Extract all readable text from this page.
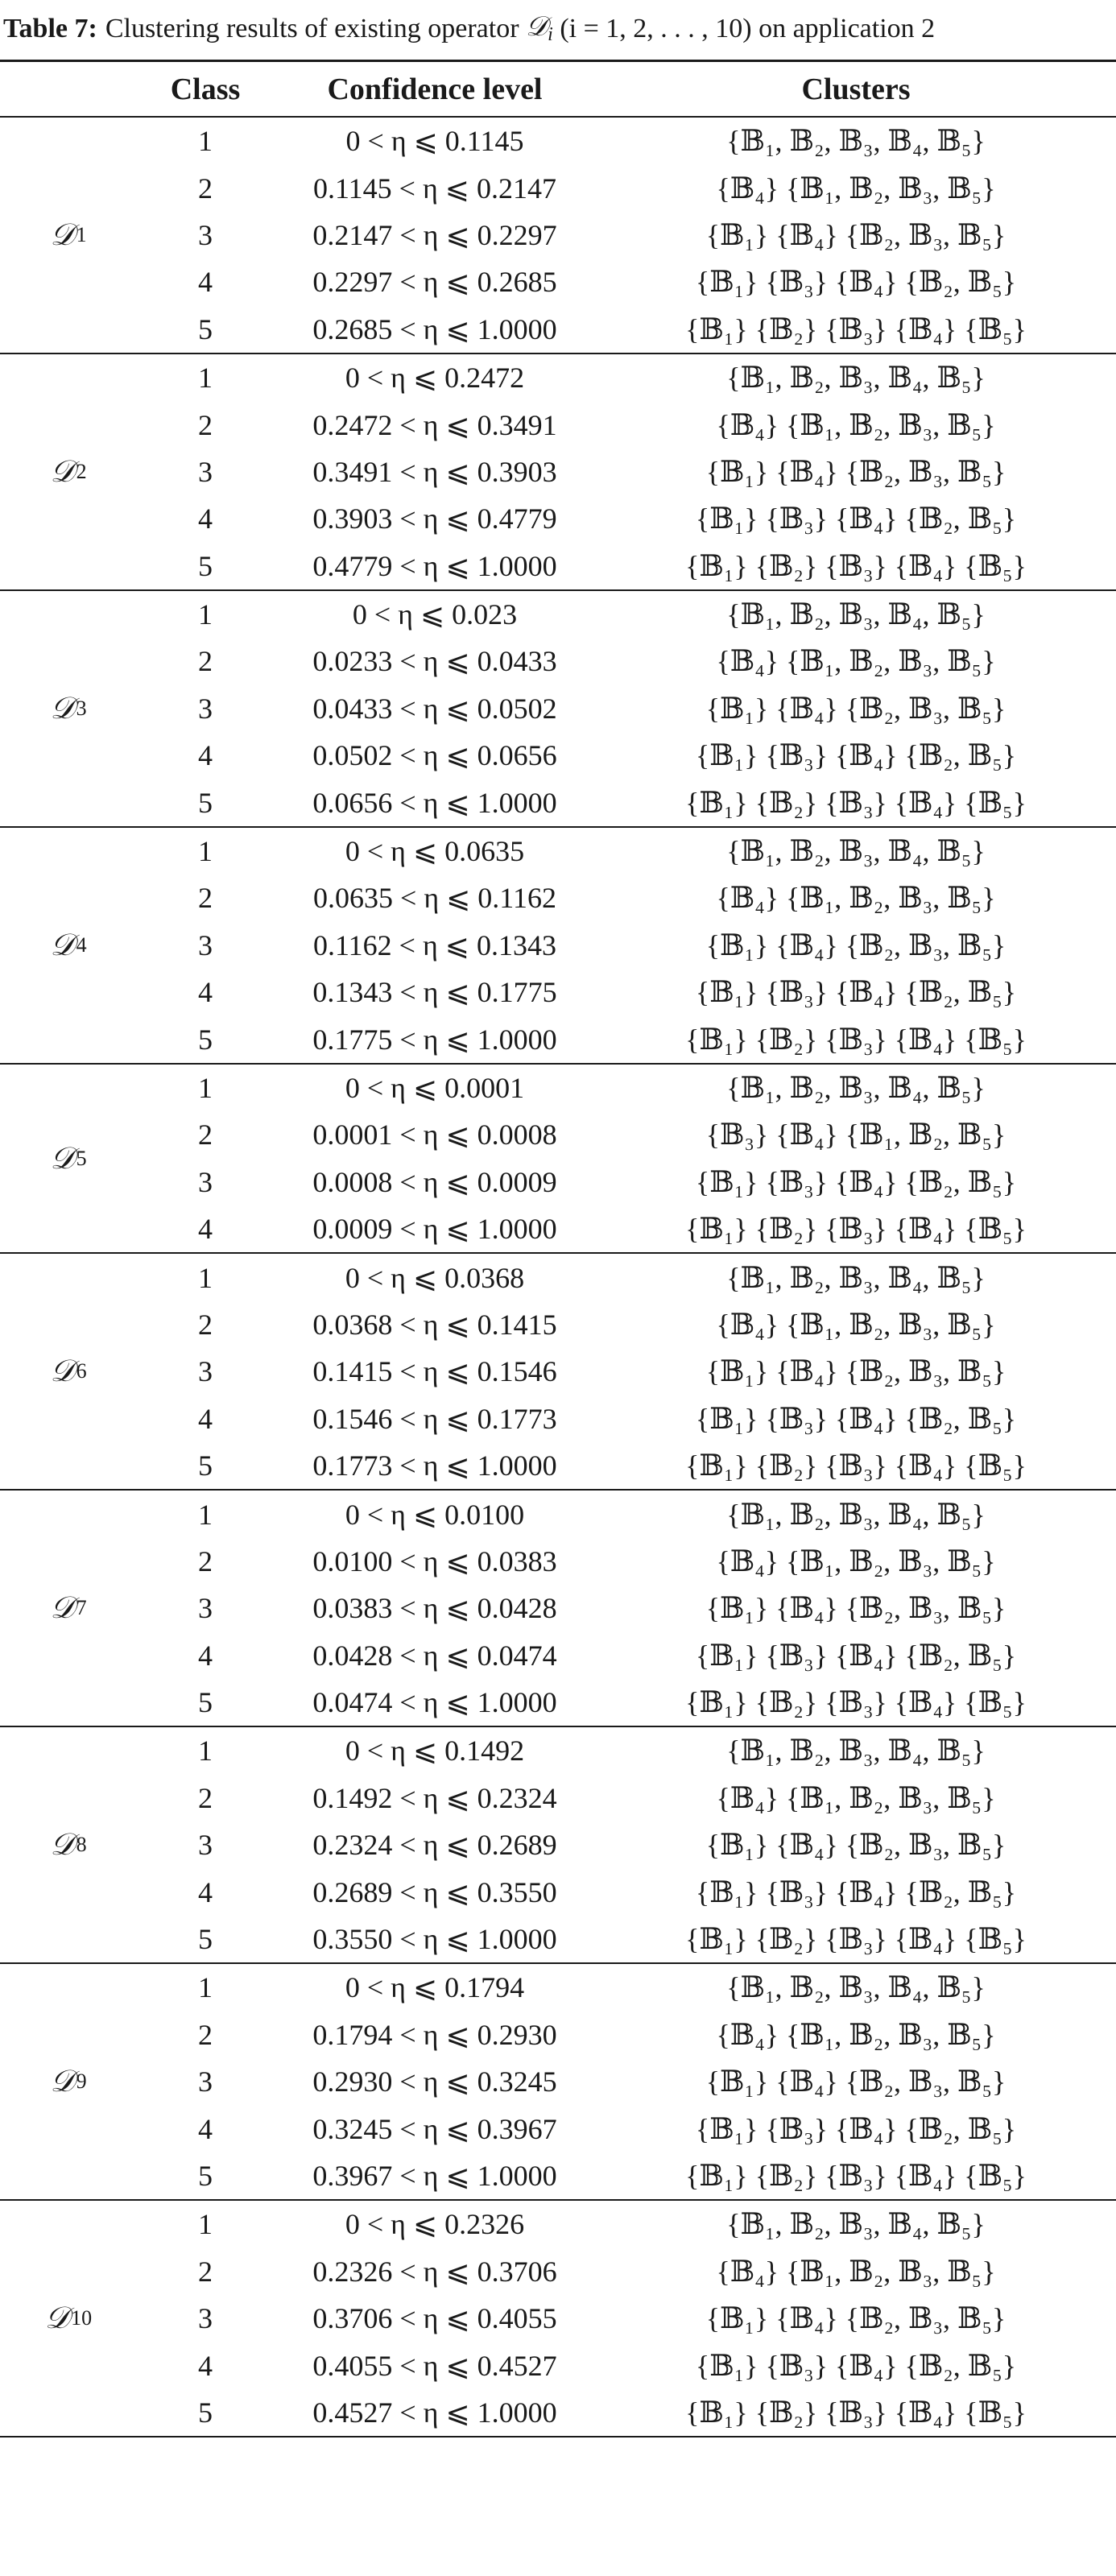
Table 7: Clustering results of existing operator
𝒟$_i$
(i = 1, 2, . . . , 10) on application 2
Class	Confidence level	Clusters
𝒟 1
1	0 < η ⩽ 0.1145	{𝔹₁, 𝔹₂, 𝔹₃, 𝔹₄, 𝔹₅}
2	0.1145 < η ⩽ 0.2147	{𝔹₄} {𝔹₁, 𝔹₂, 𝔹₃, 𝔹₅}
3	0.2147 < η ⩽ 0.2297	{𝔹₁} {𝔹₄} {𝔹₂, 𝔹₃, 𝔹₅}
4	0.2297 < η ⩽ 0.2685	{𝔹₁} {𝔹₃} {𝔹₄} {𝔹₂, 𝔹₅}
5	0.2685 < η ⩽ 1.0000	{𝔹₁} {𝔹₂} {𝔹₃} {𝔹₄} {𝔹₅}
𝒟 2
1	0 < η ⩽ 0.2472	{𝔹₁, 𝔹₂, 𝔹₃, 𝔹₄, 𝔹₅}
2	0.2472 < η ⩽ 0.3491	{𝔹₄} {𝔹₁, 𝔹₂, 𝔹₃, 𝔹₅}
3	0.3491 < η ⩽ 0.3903	{𝔹₁} {𝔹₄} {𝔹₂, 𝔹₃, 𝔹₅}
4	0.3903 < η ⩽ 0.4779	{𝔹₁} {𝔹₃} {𝔹₄} {𝔹₂, 𝔹₅}
5	0.4779 < η ⩽ 1.0000	{𝔹₁} {𝔹₂} {𝔹₃} {𝔹₄} {𝔹₅}
𝒟 3
1	0 < η ⩽ 0.023	{𝔹₁, 𝔹₂, 𝔹₃, 𝔹₄, 𝔹₅}
2	0.0233 < η ⩽ 0.0433	{𝔹₄} {𝔹₁, 𝔹₂, 𝔹₃, 𝔹₅}
3	0.0433 < η ⩽ 0.0502	{𝔹₁} {𝔹₄} {𝔹₂, 𝔹₃, 𝔹₅}
4	0.0502 < η ⩽ 0.0656	{𝔹₁} {𝔹₃} {𝔹₄} {𝔹₂, 𝔹₅}
5	0.0656 < η ⩽ 1.0000	{𝔹₁} {𝔹₂} {𝔹₃} {𝔹₄} {𝔹₅}
𝒟 4
1	0 < η ⩽ 0.0635	{𝔹₁, 𝔹₂, 𝔹₃, 𝔹₄, 𝔹₅}
2	0.0635 < η ⩽ 0.1162	{𝔹₄} {𝔹₁, 𝔹₂, 𝔹₃, 𝔹₅}
3	0.1162 < η ⩽ 0.1343	{𝔹₁} {𝔹₄} {𝔹₂, 𝔹₃, 𝔹₅}
4	0.1343 < η ⩽ 0.1775	{𝔹₁} {𝔹₃} {𝔹₄} {𝔹₂, 𝔹₅}
5	0.1775 < η ⩽ 1.0000	{𝔹₁} {𝔹₂} {𝔹₃} {𝔹₄} {𝔹₅}
𝒟 5
1	0 < η ⩽ 0.0001	{𝔹₁, 𝔹₂, 𝔹₃, 𝔹₄, 𝔹₅}
2	0.0001 < η ⩽ 0.0008	{𝔹₃} {𝔹₄} {𝔹₁, 𝔹₂, 𝔹₅}
3	0.0008 < η ⩽ 0.0009	{𝔹₁} {𝔹₃} {𝔹₄} {𝔹₂, 𝔹₅}
4	0.0009 < η ⩽ 1.0000	{𝔹₁} {𝔹₂} {𝔹₃} {𝔹₄} {𝔹₅}
𝒟 6
1	0 < η ⩽ 0.0368	{𝔹₁, 𝔹₂, 𝔹₃, 𝔹₄, 𝔹₅}
2	0.0368 < η ⩽ 0.1415	{𝔹₄} {𝔹₁, 𝔹₂, 𝔹₃, 𝔹₅}
3	0.1415 < η ⩽ 0.1546	{𝔹₁} {𝔹₄} {𝔹₂, 𝔹₃, 𝔹₅}
4	0.1546 < η ⩽ 0.1773	{𝔹₁} {𝔹₃} {𝔹₄} {𝔹₂, 𝔹₅}
5	0.1773 < η ⩽ 1.0000	{𝔹₁} {𝔹₂} {𝔹₃} {𝔹₄} {𝔹₅}
𝒟 7
1	0 < η ⩽ 0.0100	{𝔹₁, 𝔹₂, 𝔹₃, 𝔹₄, 𝔹₅}
2	0.0100 < η ⩽ 0.0383	{𝔹₄} {𝔹₁, 𝔹₂, 𝔹₃, 𝔹₅}
3	0.0383 < η ⩽ 0.0428	{𝔹₁} {𝔹₄} {𝔹₂, 𝔹₃, 𝔹₅}
4	0.0428 < η ⩽ 0.0474	{𝔹₁} {𝔹₃} {𝔹₄} {𝔹₂, 𝔹₅}
5	0.0474 < η ⩽ 1.0000	{𝔹₁} {𝔹₂} {𝔹₃} {𝔹₄} {𝔹₅}
𝒟 8
1	0 < η ⩽ 0.1492	{𝔹₁, 𝔹₂, 𝔹₃, 𝔹₄, 𝔹₅}
2	0.1492 < η ⩽ 0.2324	{𝔹₄} {𝔹₁, 𝔹₂, 𝔹₃, 𝔹₅}
3	0.2324 < η ⩽ 0.2689	{𝔹₁} {𝔹₄} {𝔹₂, 𝔹₃, 𝔹₅}
4	0.2689 < η ⩽ 0.3550	{𝔹₁} {𝔹₃} {𝔹₄} {𝔹₂, 𝔹₅}
5	0.3550 < η ⩽ 1.0000	{𝔹₁} {𝔹₂} {𝔹₃} {𝔹₄} {𝔹₅}
𝒟 9
1	0 < η ⩽ 0.1794	{𝔹₁, 𝔹₂, 𝔹₃, 𝔹₄, 𝔹₅}
2	0.1794 < η ⩽ 0.2930	{𝔹₄} {𝔹₁, 𝔹₂, 𝔹₃, 𝔹₅}
3	0.2930 < η ⩽ 0.3245	{𝔹₁} {𝔹₄} {𝔹₂, 𝔹₃, 𝔹₅}
4	0.3245 < η ⩽ 0.3967	{𝔹₁} {𝔹₃} {𝔹₄} {𝔹₂, 𝔹₅}
5	0.3967 < η ⩽ 1.0000	{𝔹₁} {𝔹₂} {𝔹₃} {𝔹₄} {𝔹₅}
𝒟 10
1	0 < η ⩽ 0.2326	{𝔹₁, 𝔹₂, 𝔹₃, 𝔹₄, 𝔹₅}
2	0.2326 < η ⩽ 0.3706	{𝔹₄} {𝔹₁, 𝔹₂, 𝔹₃, 𝔹₅}
3	0.3706 < η ⩽ 0.4055	{𝔹₁} {𝔹₄} {𝔹₂, 𝔹₃, 𝔹₅}
4	0.4055 < η ⩽ 0.4527	{𝔹₁} {𝔹₃} {𝔹₄} {𝔹₂, 𝔹₅}
5	0.4527 < η ⩽ 1.0000	{𝔹₁} {𝔹₂} {𝔹₃} {𝔹₄} {𝔹₅}
